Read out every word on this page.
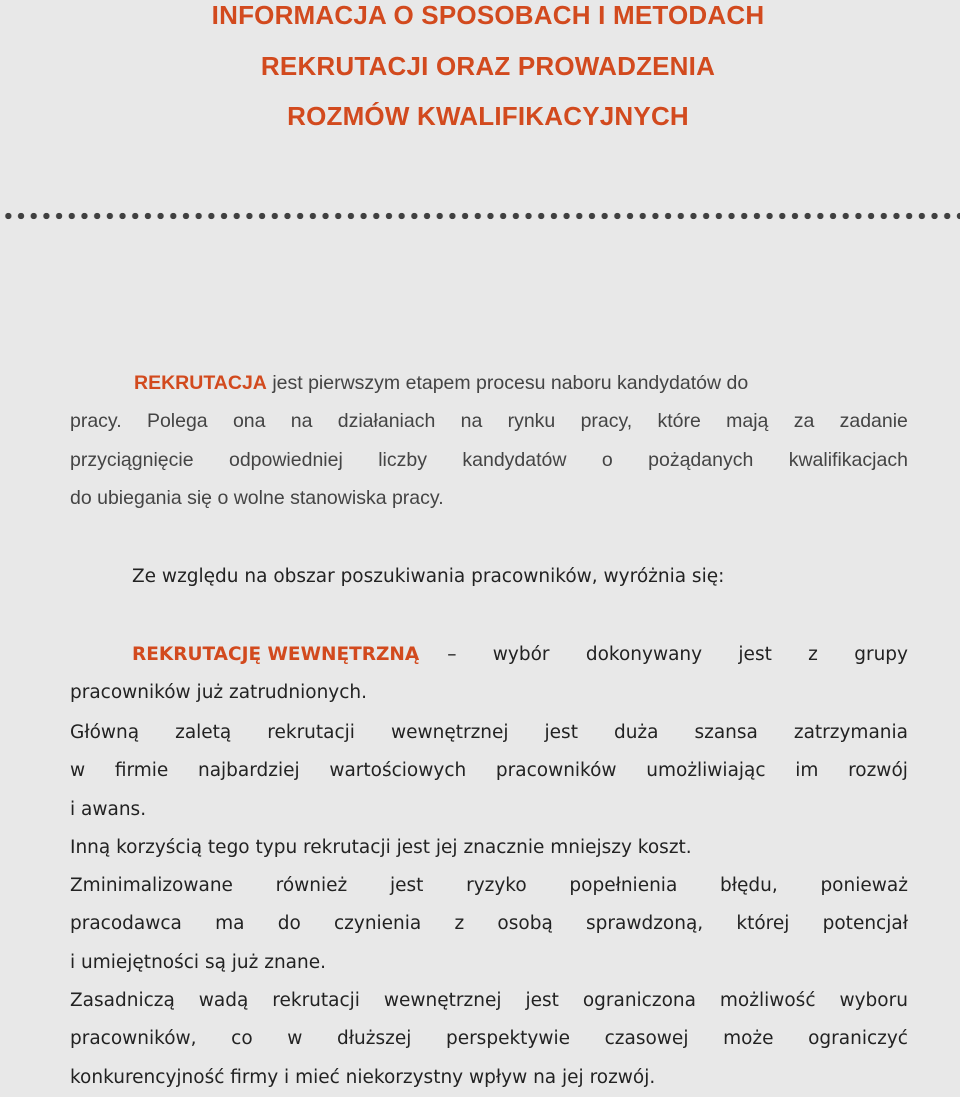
INFORMACJA O SPOSOBACH I METODACH
REKRUTACJI ORAZ PROWADZENIA
ROZMÓW KWALIFIKACYJNYCH
REKRUTACJA jest pierwszym etapem procesu naboru kandydatów do
pracy. Polega ona na działaniach na rynku pracy, które mają za zadanie
przyciągnięcie odpowiedniej liczby kandydatów o pożądanych kwalifikacjach
do ubiegania się o wolne stanowiska pracy.
Ze względu na obszar poszukiwania pracowników, wyróżnia się:
REKRUTACJĘ WEWNĘTRZNĄ – wybór dokonywany jest z grupy
pracowników już zatrudnionych.
Główną zaletą rekrutacji wewnętrznej jest duża szansa zatrzymania
w firmie najbardziej wartościowych pracowników umożliwiając im rozwój
i awans.
Inną korzyścią tego typu rekrutacji jest jej znacznie mniejszy koszt.
Zminimalizowane również jest ryzyko popełnienia błędu, ponieważ
pracodawca ma do czynienia z osobą sprawdzoną, której potencjał
i umiejętności są już znane.
Zasadniczą wadą rekrutacji wewnętrznej jest ograniczona możliwość wyboru
pracowników, co w dłuższej perspektywie czasowej może ograniczyć
konkurencyjność firmy i mieć niekorzystny wpływ na jej rozwój.
